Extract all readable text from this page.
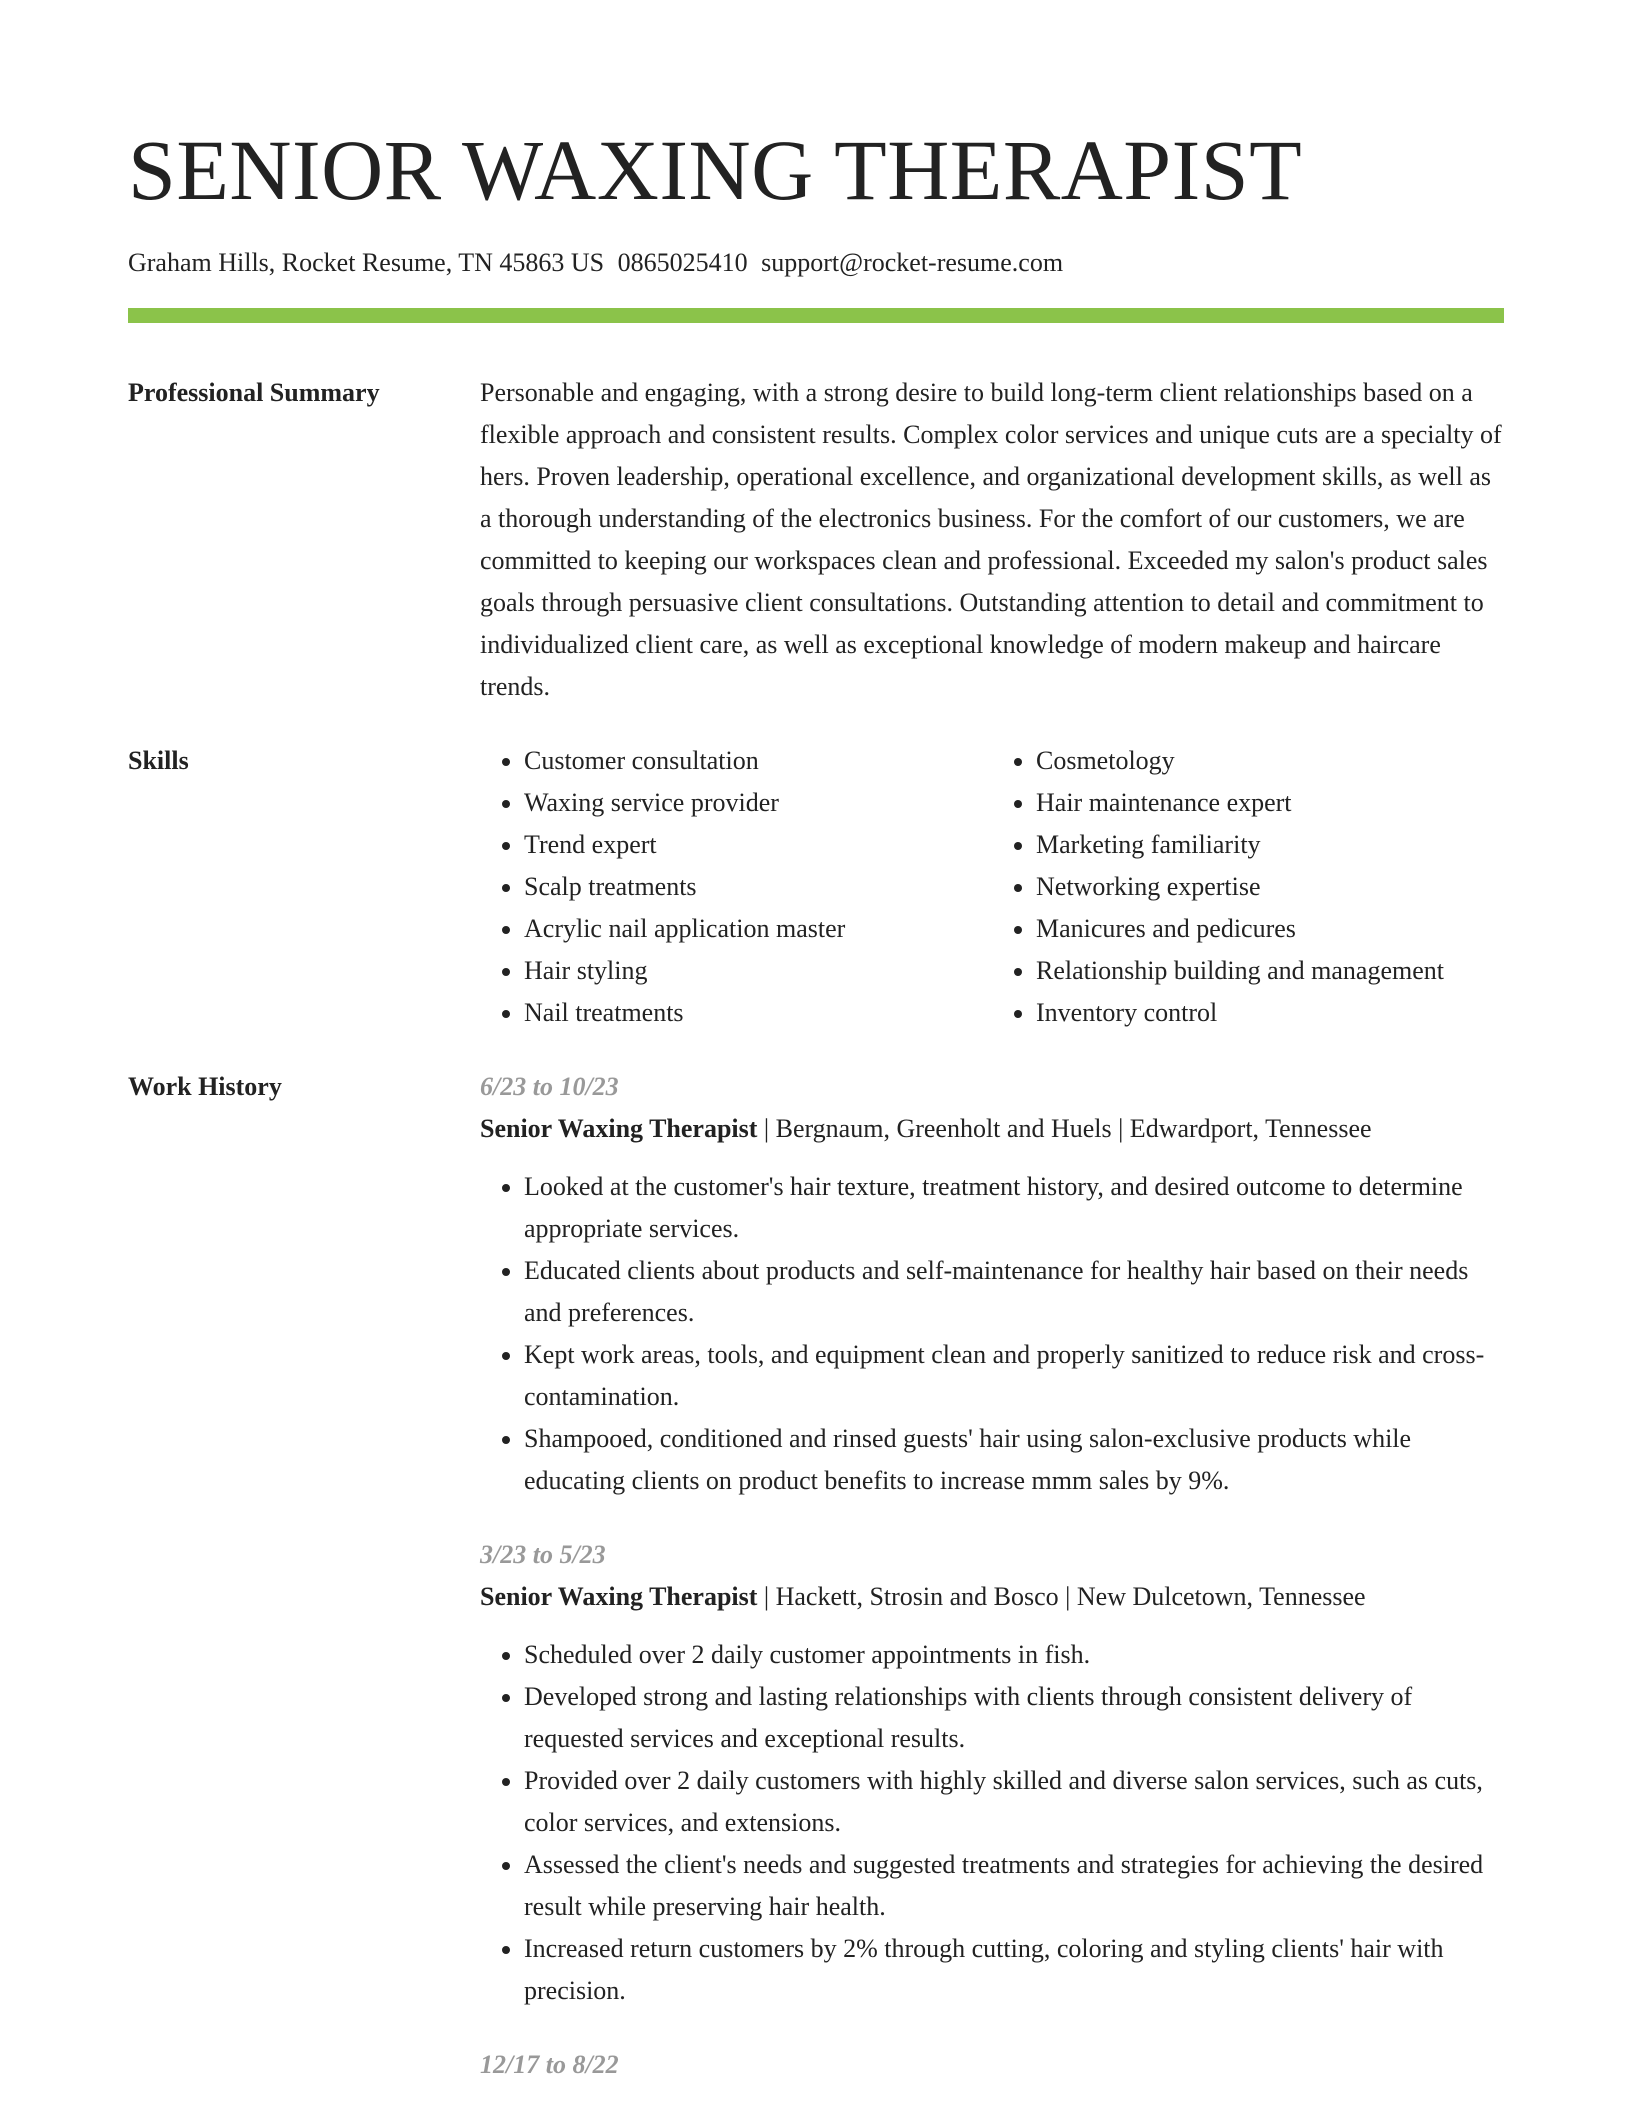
SENIOR WAXING THERAPIST
Graham Hills, Rocket Resume, TN 45863 US 0865025410 support@rocket-resume.com
Professional Summary	Personable and engaging, with a strong desire to build long-term client relationships based on a flexible approach and consistent results. Complex color services and unique cuts are a specialty of hers. Proven leadership, operational excellence, and organizational development skills, as well as a thorough understanding of the electronics business. For the comfort of our customers, we are committed to keeping our workspaces clean and professional. Exceeded my salon's product sales goals through persuasive client consultations. Outstanding attention to detail and commitment to individualized client care, as well as exceptional knowledge of modern makeup and haircare trends.

Skills
•	Customer consultation
• Waxing service provider
• Trend expert
• Scalp treatments
• Acrylic nail application master
• Hair styling
• Nail treatments
• Cosmetology
• Hair maintenance expert
• Marketing familiarity
• Networking expertise
• Manicures and pedicures
• Relationship building and management
• Inventory control
Work History	6/23 to 10/23
Senior Waxing Therapist | Bergnaum, Greenholt and Huels | Edwardport, Tennessee
• Looked at the customer's hair texture, treatment history, and desired outcome to determine appropriate services.
• Educated clients about products and self-maintenance for healthy hair based on their needs and preferences.
• Kept work areas, tools, and equipment clean and properly sanitized to reduce risk and cross-contamination.
• Shampooed, conditioned and rinsed guests' hair using salon-exclusive products while educating clients on product benefits to increase mmm sales by 9%.
3/23 to 5/23
Senior Waxing Therapist | Hackett, Strosin and Bosco | New Dulcetown, Tennessee
• Scheduled over 2 daily customer appointments in fish.
• Developed strong and lasting relationships with clients through consistent delivery of requested services and exceptional results.
• Provided over 2 daily customers with highly skilled and diverse salon services, such as cuts, color services, and extensions.
• Assessed the client's needs and suggested treatments and strategies for achieving the desired result while preserving hair health.
• Increased return customers by 2% through cutting, coloring and styling clients' hair with precision.
12/17 to 8/22
